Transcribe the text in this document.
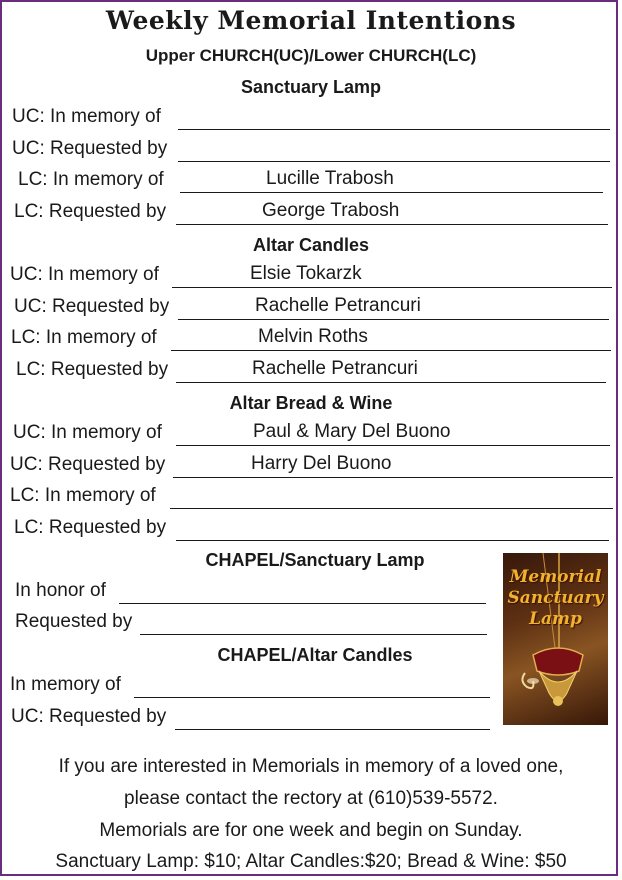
Weekly Memorial Intentions
Upper CHURCH(UC)/Lower CHURCH(LC)
Sanctuary Lamp
UC: In memory of
UC: Requested by
LC: In memory of	Lucille Trabosh
LC: Requested by	George Trabosh
Altar Candles
UC: In memory of	Elsie Tokarzk
UC: Requested by	Rachelle Petrancuri
LC: In memory of	Melvin Roths
LC: Requested by	Rachelle Petrancuri
Altar Bread & Wine
UC: In memory of	Paul & Mary Del Buono
UC: Requested by	Harry Del Buono
LC: In memory of
LC: Requested by
CHAPEL/Sanctuary Lamp
In honor of
Requested by
CHAPEL/Altar Candles
In memory of
UC: Requested by
Memorial
Sanctuary
Lamp
If you are interested in Memorials in memory of a loved one,
please contact the rectory at (610)539-5572.
Memorials are for one week and begin on Sunday.
Sanctuary Lamp: $10; Altar Candles:$20; Bread & Wine: $50
